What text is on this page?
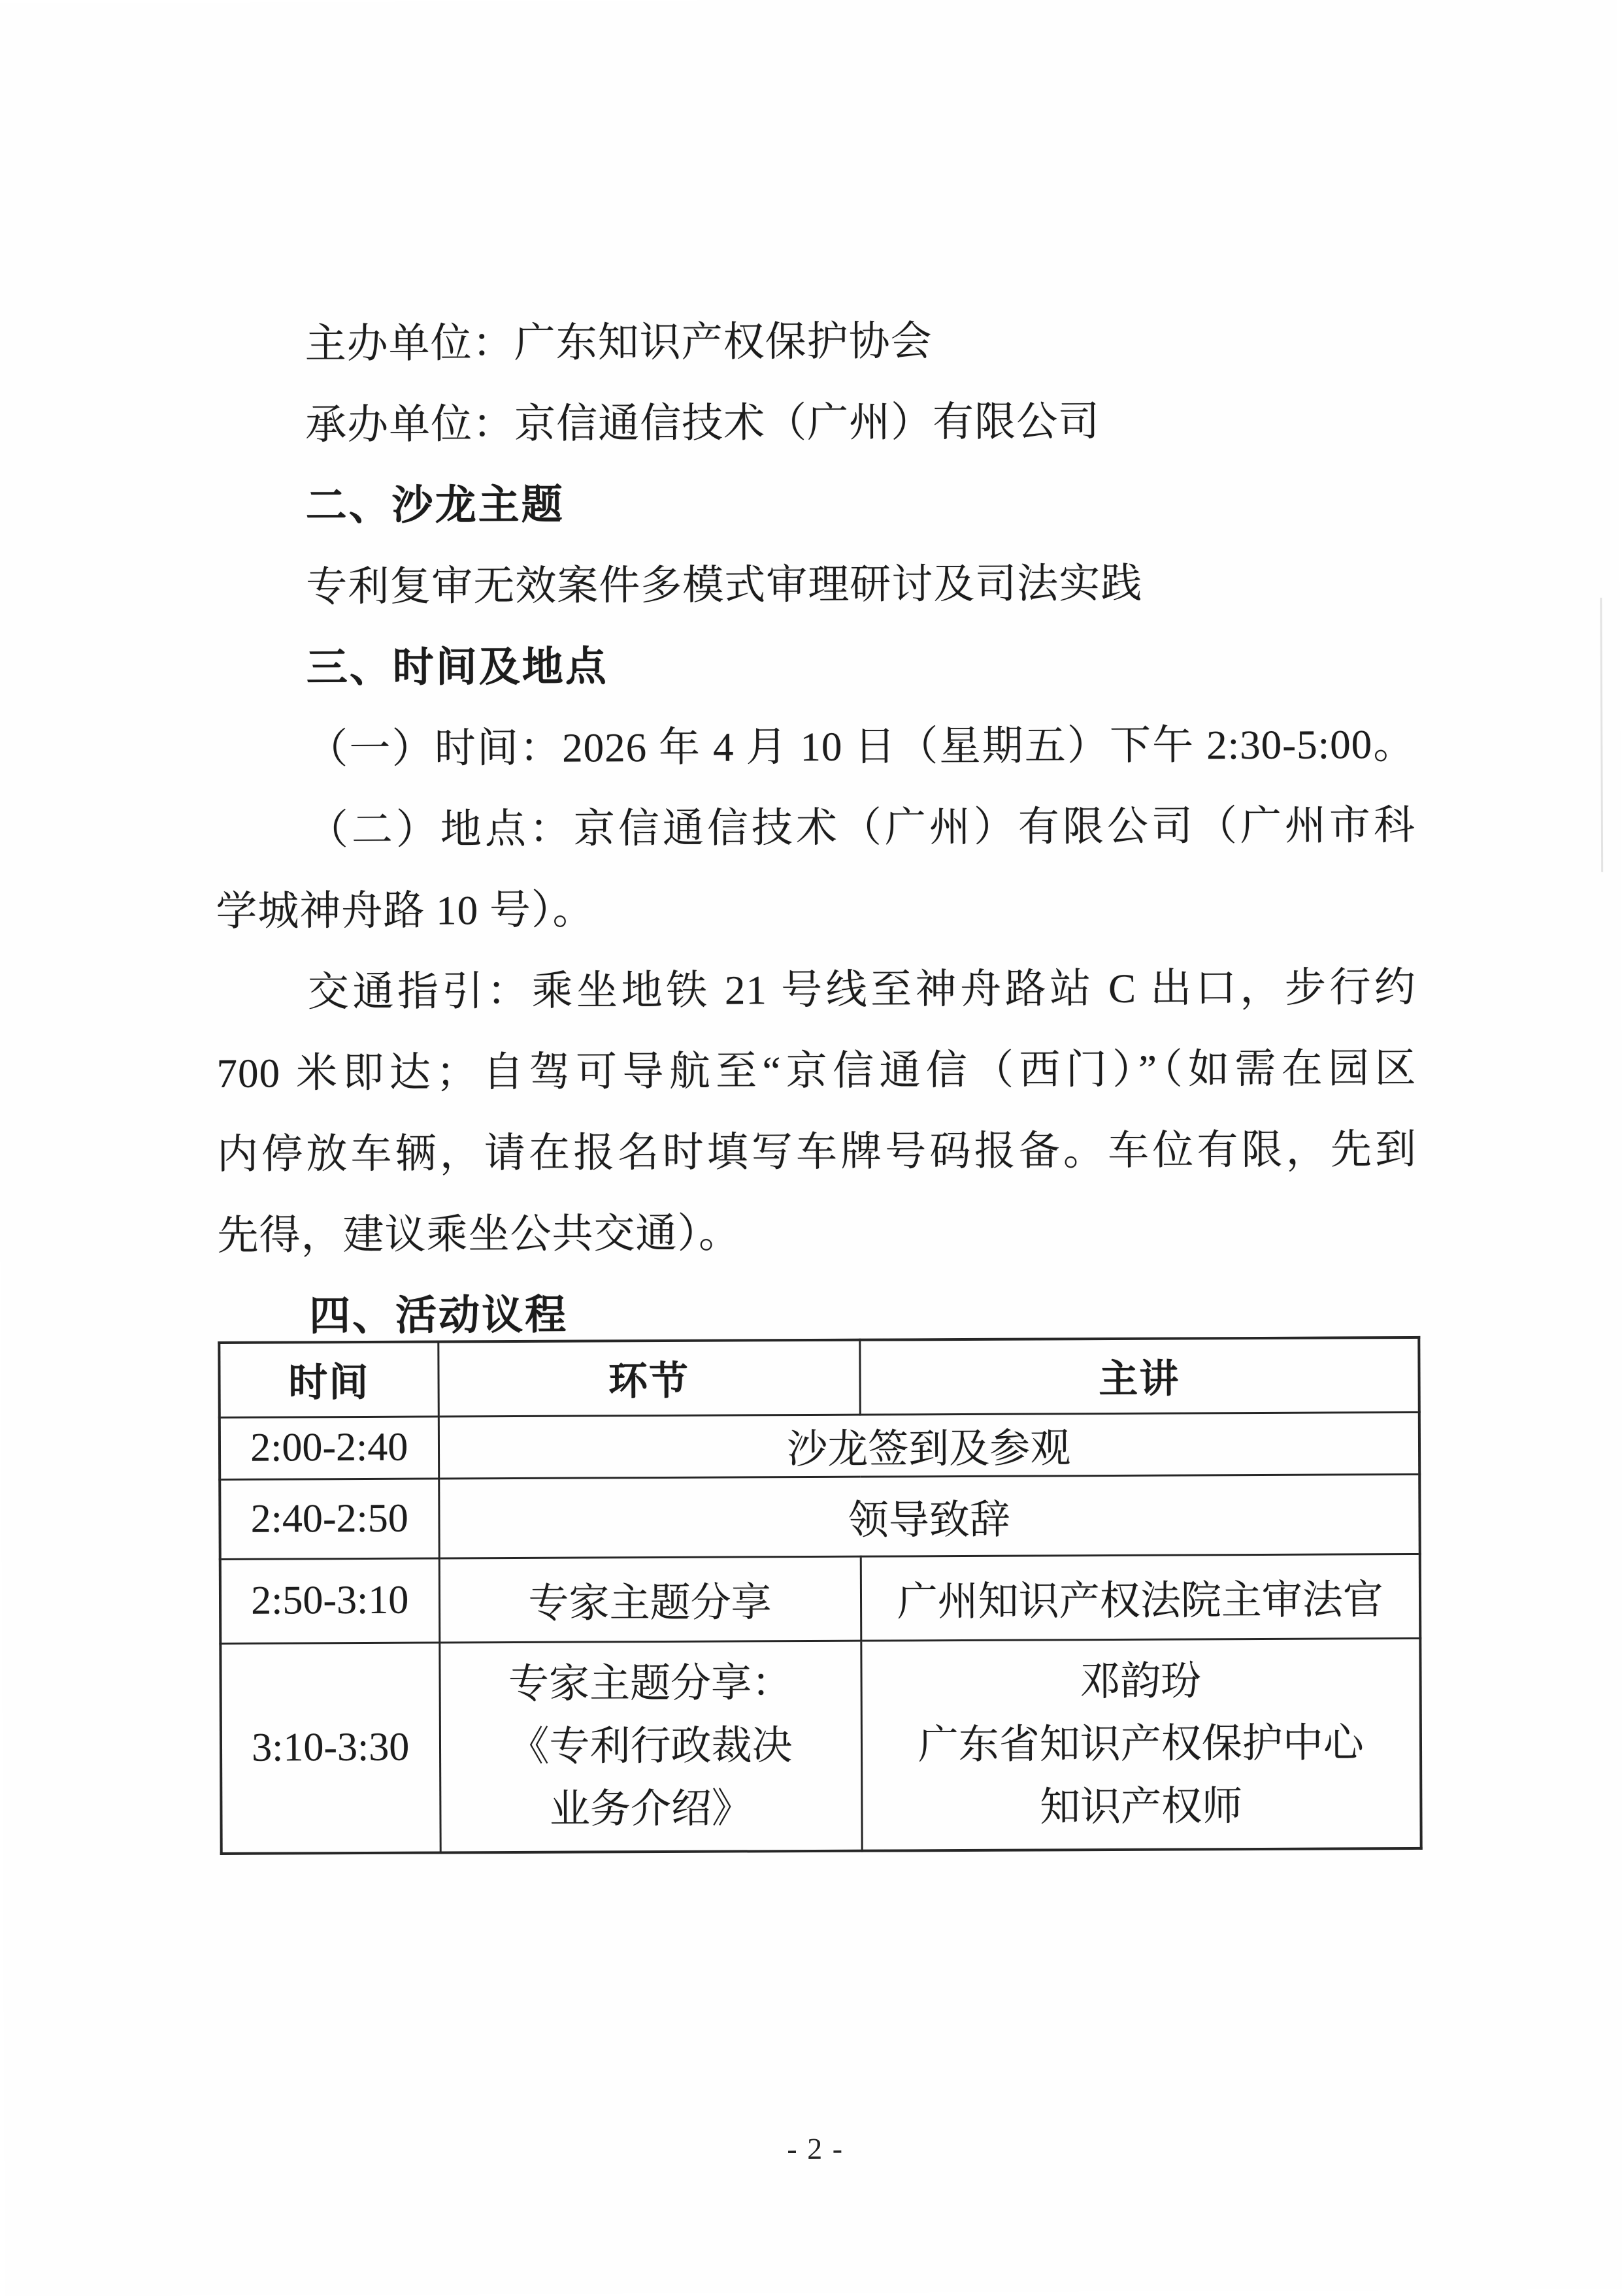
主办单位：广东知识产权保护协会
承办单位：京信通信技术（广州）有限公司
二、沙龙主题
专利复审无效案件多模式审理研讨及司法实践
三、时间及地点
（一）时间：2026 年 4 月 10 日（星期五）下午 2:30-5:00。
（二）地点：京信通信技术（广州）有限公司（广州市科
学城神舟路 10 号）。
交通指引：乘坐地铁 21 号线至神舟路站 C 出口，步行约
700 米即达；自驾可导航至“京信通信（西门）”（如需在园区
内停放车辆，请在报名时填写车牌号码报备。车位有限，先到
先得，建议乘坐公共交通）。
四、活动议程
时间	环节	主讲
2:00-2:40	沙龙签到及参观	
2:40-2:50	领导致辞	
2:50-3:10	专家主题分享	广州知识产权法院主审法官
3:10-3:30	专家主题分享：
《专利行政裁决
业务介绍》	邓韵玢
广东省知识产权保护中心
知识产权师
- 2 -
